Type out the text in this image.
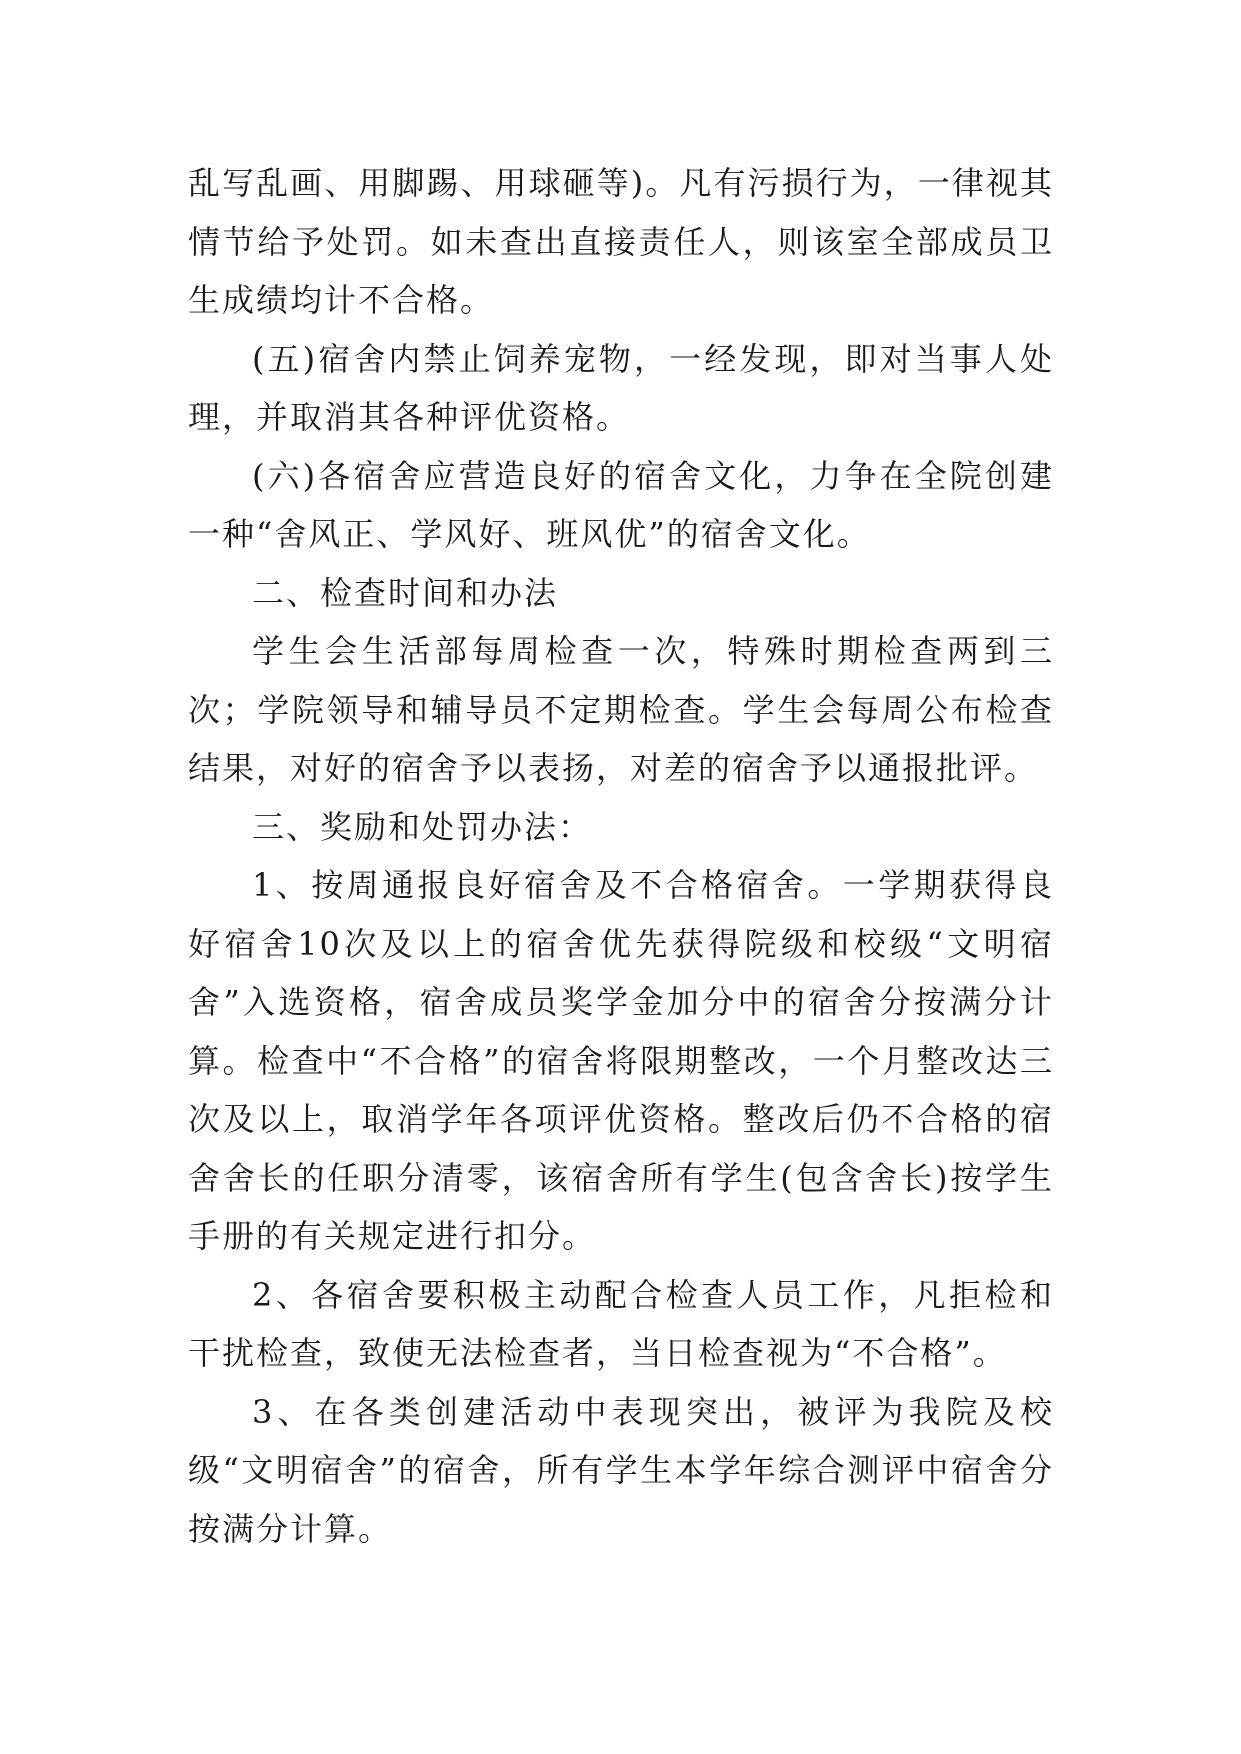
乱写乱画、用脚踢、用球砸等)。凡有污损行为，一律视其情节给予处罚。如未查出直接责任人，则该室全部成员卫生成绩均计不合格。

(五)宿舍内禁止饲养宠物，一经发现，即对当事人处理，并取消其各种评优资格。

(六)各宿舍应营造良好的宿舍文化，力争在全院创建一种“舍风正、学风好、班风优”的宿舍文化。

二、检查时间和办法

学生会生活部每周检查一次，特殊时期检查两到三次；学院领导和辅导员不定期检查。学生会每周公布检查结果，对好的宿舍予以表扬，对差的宿舍予以通报批评。

三、奖励和处罚办法：

1、按周通报良好宿舍及不合格宿舍。一学期获得良好宿舍10次及以上的宿舍优先获得院级和校级“文明宿舍”入选资格，宿舍成员奖学金加分中的宿舍分按满分计算。检查中“不合格”的宿舍将限期整改，一个月整改达三次及以上，取消学年各项评优资格。整改后仍不合格的宿舍舍长的任职分清零，该宿舍所有学生(包含舍长)按学生手册的有关规定进行扣分。

2、各宿舍要积极主动配合检查人员工作，凡拒检和干扰检查，致使无法检查者，当日检查视为“不合格”。

3、在各类创建活动中表现突出，被评为我院及校级“文明宿舍”的宿舍，所有学生本学年综合测评中宿舍分按满分计算。
